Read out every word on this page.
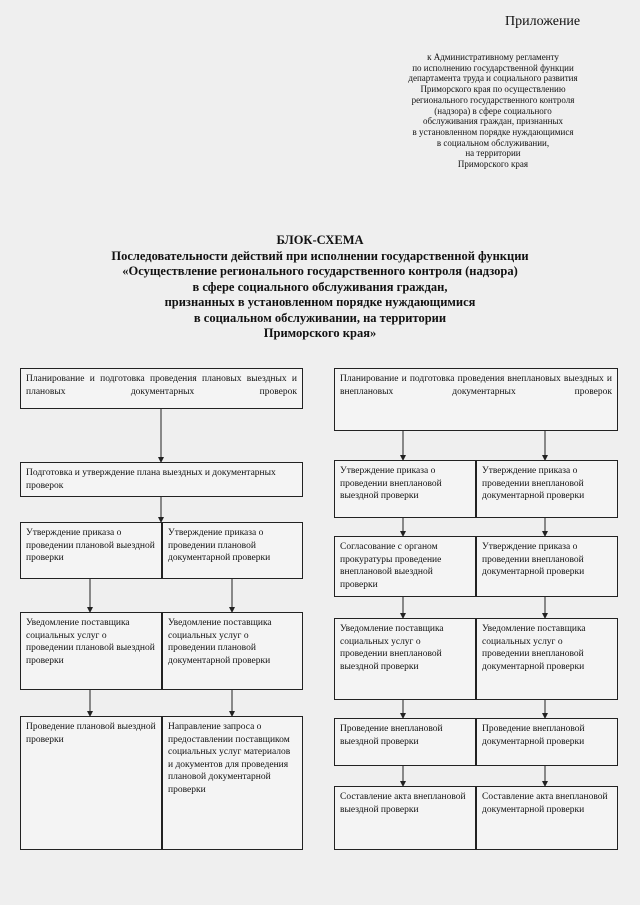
Приложение
к Административному регламенту
по исполнению государственной функции
департамента труда и социального развития
Приморского края по осуществлению
регионального государственного контроля
(надзора) в сфере социального
обслуживания граждан, признанных
в установленном порядке нуждающимися
в социальном обслуживании,
на территории
Приморского края
БЛОК-СХЕМА
Последовательности действий при исполнении государственной функции
«Осуществление регионального государственного контроля (надзора)
в сфере социального обслуживания граждан,
признанных в установленном порядке нуждающимися
в социальном обслуживании, на территории
Приморского края»
Планирование и подготовка проведения плановых выездных и плановых документарных проверок
Подготовка и утверждение плана выездных и документарных проверок
Утверждение приказа о проведении плановой выездной проверки
Утверждение приказа о проведении плановой документарной проверки
Уведомление поставщика социальных услуг о проведении плановой выездной проверки
Уведомление поставщика социальных услуг о проведении плановой документарной проверки
Проведение плановой выездной проверки
Направление запроса о предоставлении поставщиком социальных услуг материалов и документов для проведения плановой документарной проверки
Планирование и подготовка проведения внеплановых выездных и внеплановых документарных проверок
Утверждение приказа о проведении внеплановой выездной проверки
Утверждение приказа о проведении внеплановой документарной проверки
Согласование с органом прокуратуры проведение внеплановой выездной проверки
Утверждение приказа о проведении внеплановой документарной проверки
Уведомление поставщика социальных услуг о проведении внеплановой выездной проверки
Уведомление поставщика социальных услуг о проведении внеплановой документарной проверки
Проведение внеплановой выездной проверки
Проведение внеплановой документарной проверки
Составление акта внеплановой выездной проверки
Составление акта внеплановой документарной проверки
